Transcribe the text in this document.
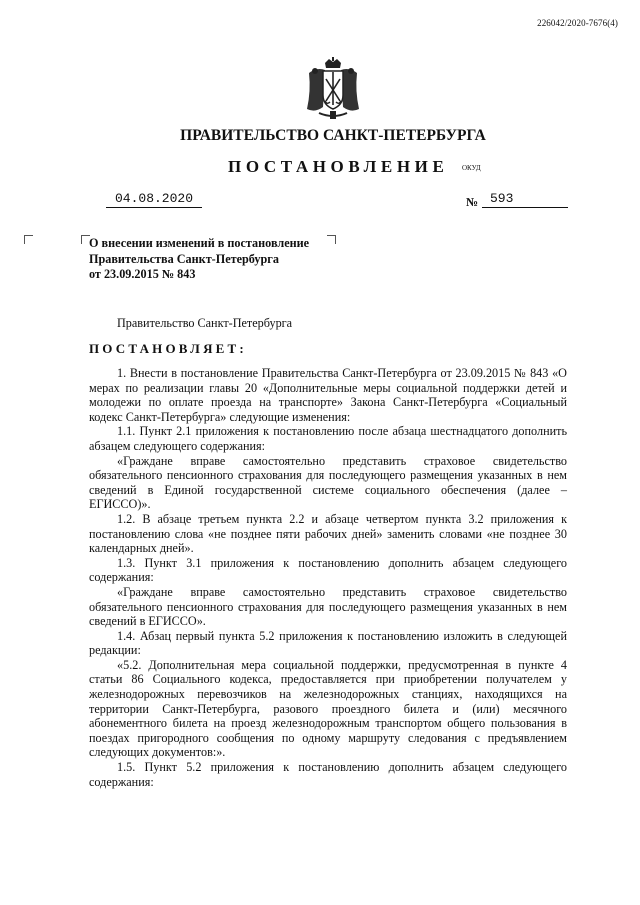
226042/2020-7676(4)
ПРАВИТЕЛЬСТВО САНКТ-ПЕТЕРБУРГА
ПОСТАНОВЛЕНИЕ ОКУД
04.08.2020	№ 593
О внесении изменений в постановление
Правительства Санкт-Петербурга
от 23.09.2015 № 843
Правительство Санкт-Петербурга
ПОСТАНОВЛЯЕТ:

1. Внести в постановление Правительства Санкт-Петербурга от 23.09.2015 № 843 «О мерах по реализации главы 20 «Дополнительные меры социальной поддержки детей и молодежи по оплате проезда на транспорте» Закона Санкт-Петербурга «Социальный кодекс Санкт-Петербурга» следующие изменения:

1.1. Пункт 2.1 приложения к постановлению после абзаца шестнадцатого дополнить абзацем следующего содержания:

«Граждане вправе самостоятельно представить страховое свидетельство обязательного пенсионного страхования для последующего размещения указанных в нем сведений в Единой государственной системе социального обеспечения (далее – ЕГИССО)».

1.2. В абзаце третьем пункта 2.2 и абзаце четвертом пункта 3.2 приложения к постановлению слова «не позднее пяти рабочих дней» заменить словами «не позднее 30 календарных дней».

1.3. Пункт 3.1 приложения к постановлению дополнить абзацем следующего содержания:

«Граждане вправе самостоятельно представить страховое свидетельство обязательного пенсионного страхования для последующего размещения указанных в нем сведений в ЕГИССО».

1.4. Абзац первый пункта 5.2 приложения к постановлению изложить в следующей редакции:

«5.2. Дополнительная мера социальной поддержки, предусмотренная в пункте 4 статьи 86 Социального кодекса, предоставляется при приобретении получателем у железнодорожных перевозчиков на железнодорожных станциях, находящихся на территории Санкт-Петербурга, разового проездного билета и (или) месячного абонементного билета на проезд железнодорожным транспортом общего пользования в поездах пригородного сообщения по одному маршруту следования с предъявлением следующих документов:».

1.5. Пункт 5.2 приложения к постановлению дополнить абзацем следующего содержания:
